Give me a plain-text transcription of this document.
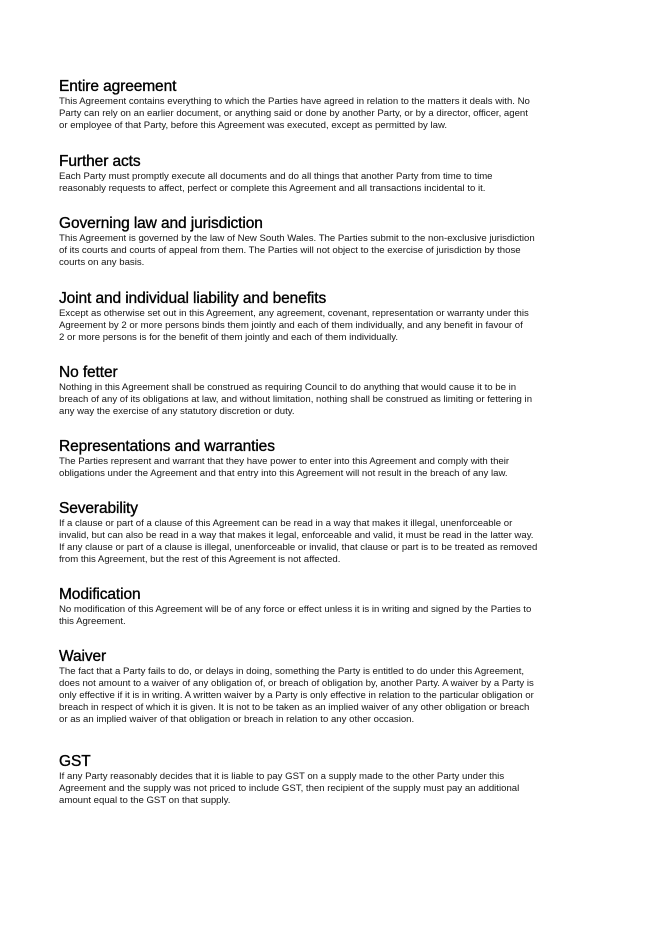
Entire agreement

This Agreement contains everything to which the Parties have agreed in relation to the matters it deals with. No
Party can rely on an earlier document, or anything said or done by another Party, or by a director, officer, agent
or employee of that Party, before this Agreement was executed, except as permitted by law.

Further acts

Each Party must promptly execute all documents and do all things that another Party from time to time
reasonably requests to affect, perfect or complete this Agreement and all transactions incidental to it.

Governing law and jurisdiction

This Agreement is governed by the law of New South Wales. The Parties submit to the non-exclusive jurisdiction
of its courts and courts of appeal from them. The Parties will not object to the exercise of jurisdiction by those
courts on any basis.

Joint and individual liability and benefits

Except as otherwise set out in this Agreement, any agreement, covenant, representation or warranty under this
Agreement by 2 or more persons binds them jointly and each of them individually, and any benefit in favour of
2 or more persons is for the benefit of them jointly and each of them individually.

No fetter

Nothing in this Agreement shall be construed as requiring Council to do anything that would cause it to be in
breach of any of its obligations at law, and without limitation, nothing shall be construed as limiting or fettering in
any way the exercise of any statutory discretion or duty.

Representations and warranties

The Parties represent and warrant that they have power to enter into this Agreement and comply with their
obligations under the Agreement and that entry into this Agreement will not result in the breach of any law.

Severability

If a clause or part of a clause of this Agreement can be read in a way that makes it illegal, unenforceable or
invalid, but can also be read in a way that makes it legal, enforceable and valid, it must be read in the latter way.
If any clause or part of a clause is illegal, unenforceable or invalid, that clause or part is to be treated as removed
from this Agreement, but the rest of this Agreement is not affected.

Modification

No modification of this Agreement will be of any force or effect unless it is in writing and signed by the Parties to
this Agreement.

Waiver

The fact that a Party fails to do, or delays in doing, something the Party is entitled to do under this Agreement,
does not amount to a waiver of any obligation of, or breach of obligation by, another Party. A waiver by a Party is
only effective if it is in writing. A written waiver by a Party is only effective in relation to the particular obligation or
breach in respect of which it is given. It is not to be taken as an implied waiver of any other obligation or breach
or as an implied waiver of that obligation or breach in relation to any other occasion.

GST

If any Party reasonably decides that it is liable to pay GST on a supply made to the other Party under this
Agreement and the supply was not priced to include GST, then recipient of the supply must pay an additional
amount equal to the GST on that supply.
